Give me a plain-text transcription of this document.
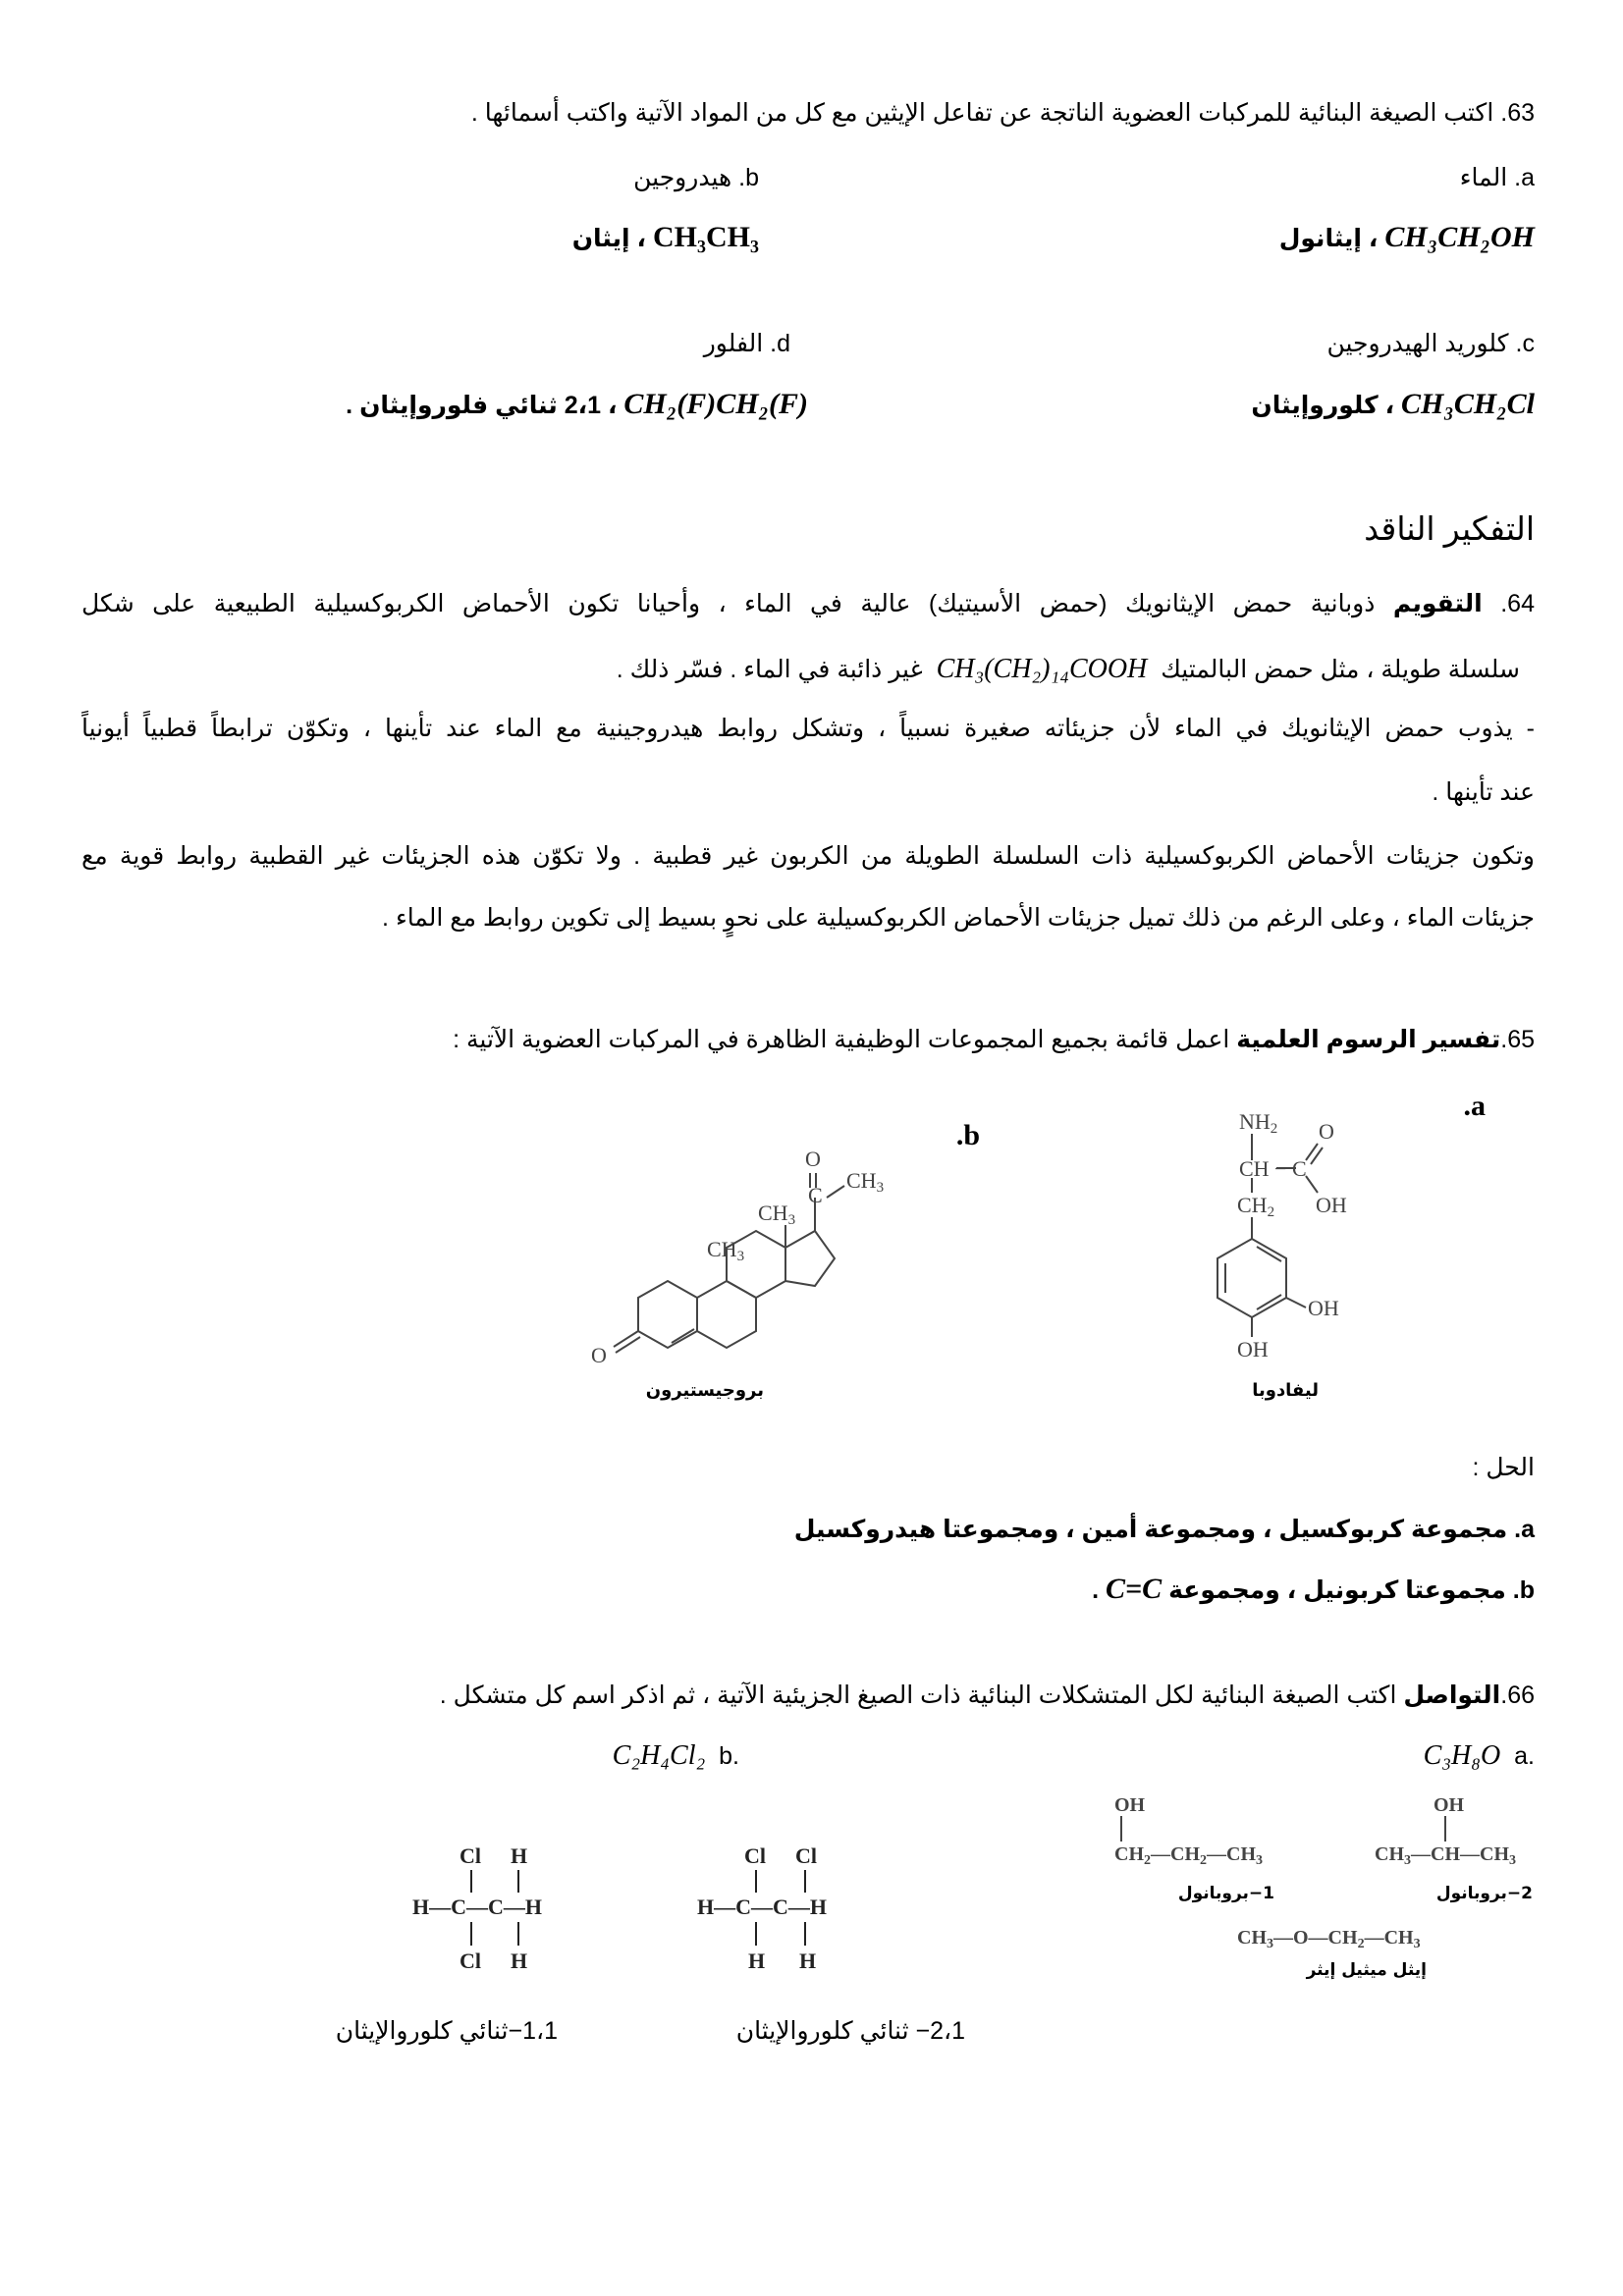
63. اكتب الصيغة البنائية للمركبات العضوية الناتجة عن تفاعل الإيثين مع كل من المواد الآتية واكتب أسمائها .
a. الماء
b. هيدروجين
CH₃CH₂OH ، إيثانول
CH₃CH₃ ، إيثان
c. كلوريد الهيدروجين
d. الفلور
CH₃CH₂Cl ، كلوروإيثان
CH₂(F)CH₂(F) ، 2،1 ثنائي فلوروإيثان .
التفكير الناقد
64. التقويم ذوبانية حمض الإيثانويك (حمض الأسيتيك) عالية في الماء ، وأحيانا تكون الأحماض الكربوكسيلية الطبيعية على شكل
سلسلة طويلة ، مثل حمض البالمتيك  CH₃(CH₂)₁₄COOH  غير ذائبة في الماء . فسّر ذلك .
- يذوب حمض الإيثانويك في الماء لأن جزيئاته صغيرة نسبياً ، وتشكل روابط هيدروجينية مع الماء عند تأينها ، وتكوّن ترابطاً قطبياً أيونياً
عند تأينها .
وتكون جزيئات الأحماض الكربوكسيلية ذات السلسلة الطويلة من الكربون غير قطبية . ولا تكوّن هذه الجزيئات غير القطبية روابط قوية مع
جزيئات الماء ، وعلى الرغم من ذلك تميل جزيئات الأحماض الكربوكسيلية على نحوٍ بسيط إلى تكوين روابط مع الماء .
65.تفسير الرسوم العلمية اعمل قائمة بجميع المجموعات الوظيفية الظاهرة في المركبات العضوية الآتية :
.a
.b	NH2
CH − C
O
OH
CH2
OH
OH
ليفادوبا
O
C
CH3
CH3
CH3
O
بروجيستيرون
الحل :
a. مجموعة كربوكسيل ، ومجموعة أمين ، ومجموعتا هيدروكسيل
b. مجموعتا كربونيل ، ومجموعة C=C .
66.التواصل اكتب الصيغة البنائية لكل المتشكلات البنائية ذات الصيغ الجزيئية الآتية ، ثم اذكر اسم كل متشكل .
.a  C₃H₈O
.b  C₂H₄Cl₂
OH
$CH_2—CH_2—CH_3$
OH
$CH_3—CH—CH_3$
$CH_3—O—CH_2—CH_3$
1−بروبانول	2−بروبانول
إيثل ميثيل إيثر
Cl H
H—C—C—H
Cl H
Cl Cl
H—C—C—H
H H
2،1− ثنائي كلوروالإيثان
1،1−ثنائي كلوروالإيثان
